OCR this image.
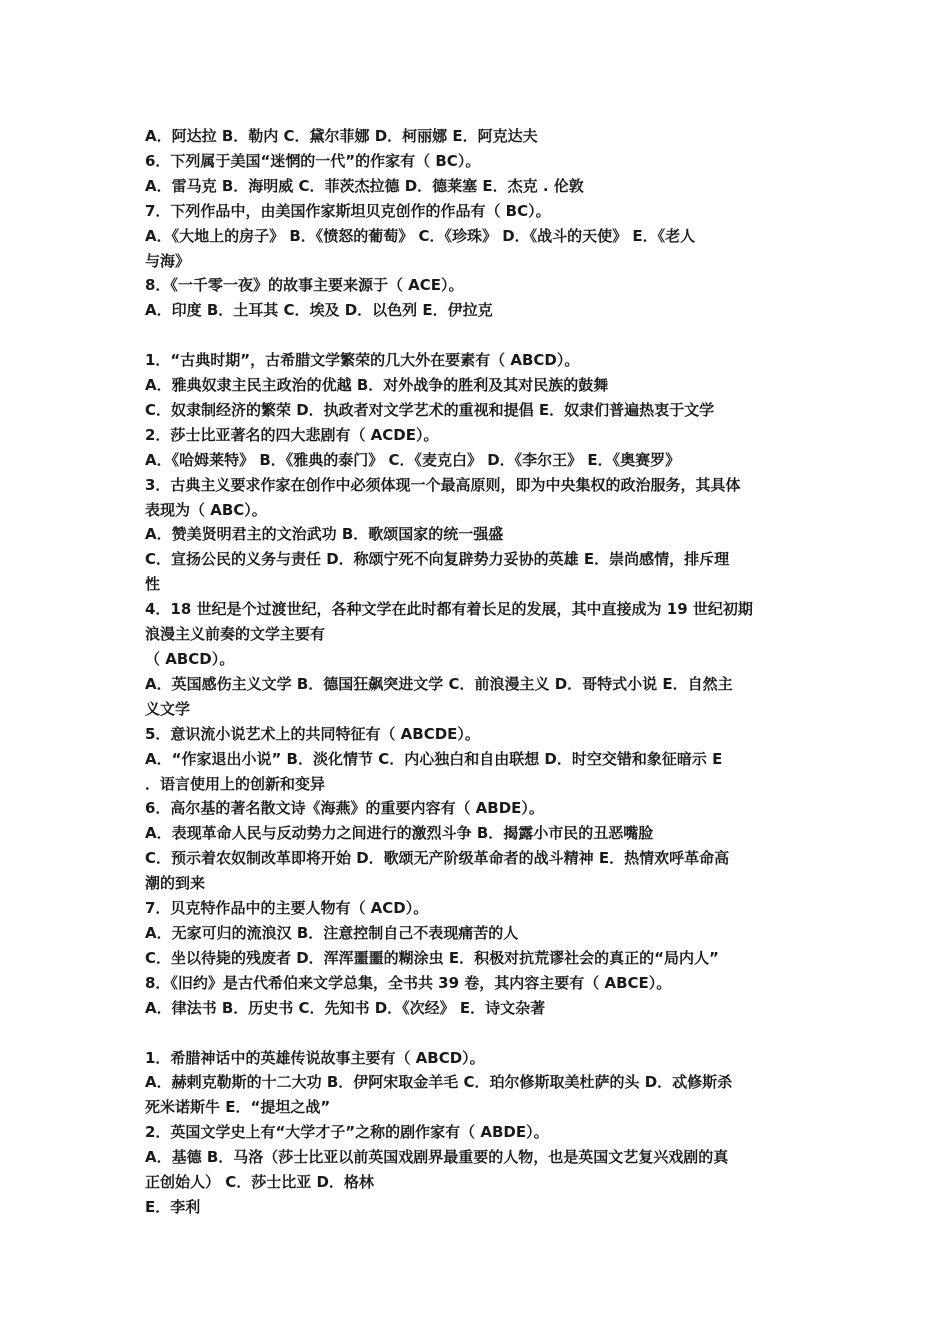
A．阿达拉 B．勒内 C．黛尔菲娜 D．柯丽娜 E．阿克达夫
6．下列属于美国“迷惘的一代”的作家有（ BC）。
A．雷马克 B．海明威 C．菲茨杰拉德 D．德莱塞 E．杰克 . 伦敦
7．下列作品中，由美国作家斯坦贝克创作的作品有（ BC）。
A．《大地上的房子》 B．《愤怒的葡萄》 C．《珍珠》 D．《战斗的天使》 E．《老人
与海》
8．《一千零一夜》的故事主要来源于（ ACE）。
A．印度 B．土耳其 C．埃及 D．以色列 E．伊拉克
1．“古典时期”，古希腊文学繁荣的几大外在要素有（ ABCD）。
A．雅典奴隶主民主政治的优越 B．对外战争的胜利及其对民族的鼓舞
C．奴隶制经济的繁荣 D．执政者对文学艺术的重视和提倡 E．奴隶们普遍热衷于文学
2．莎士比亚著名的四大悲剧有（ ACDE）。
A．《哈姆莱特》 B．《雅典的泰门》 C．《麦克白》 D．《李尔王》 E．《奥赛罗》
3．古典主义要求作家在创作中必须体现一个最高原则，即为中央集权的政治服务，其具体
表现为（ ABC）。
A．赞美贤明君主的文治武功 B．歌颂国家的统一强盛
C．宣扬公民的义务与责任 D．称颂宁死不向复辟势力妥协的英雄 E．崇尚感情，排斥理
性
4．18 世纪是个过渡世纪，各种文学在此时都有着长足的发展，其中直接成为 19 世纪初期
浪漫主义前奏的文学主要有
（ ABCD）。
A．英国感伤主义文学 B．德国狂飙突进文学 C．前浪漫主义 D．哥特式小说 E．自然主
义文学
5．意识流小说艺术上的共同特征有（ ABCDE）。
A．“作家退出小说” B．淡化情节 C．内心独白和自由联想 D．时空交错和象征暗示 E
．语言使用上的创新和变异
6．高尔基的著名散文诗《海燕》的重要内容有（ ABDE）。
A．表现革命人民与反动势力之间进行的激烈斗争 B．揭露小市民的丑恶嘴脸
C．预示着农奴制改革即将开始 D．歌颂无产阶级革命者的战斗精神 E．热情欢呼革命高
潮的到来
7．贝克特作品中的主要人物有（ ACD）。
A．无家可归的流浪汉 B．注意控制自己不表现痛苦的人
C．坐以待毙的残废者 D．浑浑噩噩的糊涂虫 E．积极对抗荒谬社会的真正的“局内人”
8．《旧约》是古代希伯来文学总集，全书共 39 卷，其内容主要有（ ABCE）。
A．律法书 B．历史书 C．先知书 D．《次经》 E．诗文杂著
1．希腊神话中的英雄传说故事主要有（ ABCD）。
A．赫剌克勒斯的十二大功 B．伊阿宋取金羊毛 C．珀尔修斯取美杜萨的头 D．忒修斯杀
死米诺斯牛 E．“提坦之战”
2．英国文学史上有“大学才子”之称的剧作家有（ ABDE）。
A．基德 B．马洛（莎士比亚以前英国戏剧界最重要的人物，也是英国文艺复兴戏剧的真
正创始人） C．莎士比亚 D．格林
E．李利
